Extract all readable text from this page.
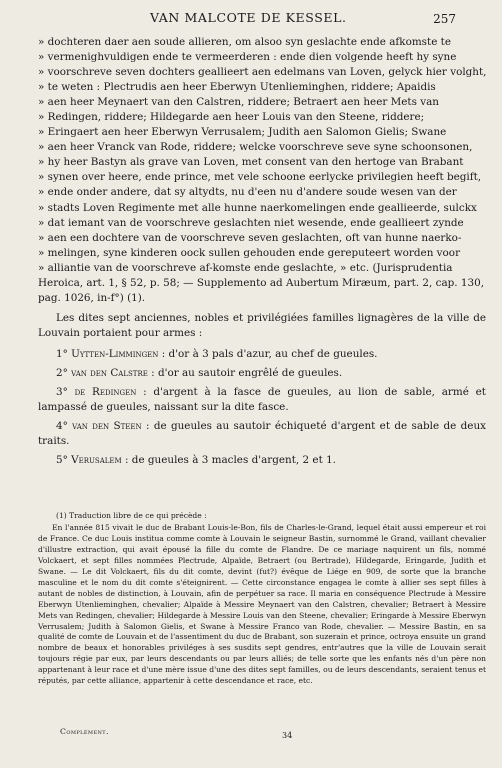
VAN MALCOTE DE KESSEL.	257

» dochteren daer aen soude allieren, om alsoo syn geslachte ende afkomste te

» vermenighvuldigen ende te vermeerderen : ende dien volgende heeft hy syne

» voorschreve seven dochters geallieert aen edelmans van Loven, gelyck hier volght,

» te weten : Plectrudis aen heer Eberwyn Utenlieminghen, riddere; Apaidis

» aen heer Meynaert van den Calstren, riddere; Betraert aen heer Mets van

» Redingen, riddere; Hildegarde aen heer Louis van den Steene, riddere;

» Eringaert aen heer Eberwyn Verrusalem; Judith aen Salomon Gielis; Swane

» aen heer Vranck van Rode, riddere; welcke voorschreve seve syne schoonsonen,

» hy heer Bastyn als grave van Loven, met consent van den hertoge van Brabant

» synen over heere, ende prince, met vele schoone eerlycke privilegien heeft begift,

» ende onder andere, dat sy altydts, nu d'een nu d'andere soude wesen van der

» stadts Loven Regimente met alle hunne naerkomelingen ende geallieerde, sulckx

» dat iemant van de voorschreve geslachten niet wesende, ende geallieert zynde

» aen een dochtere van de voorschreve seven geslachten, oft van hunne naerko-

» melingen, syne kinderen oock sullen gehouden ende gereputeert worden voor

» alliantie van de voorschreve af-komste ende geslachte, » etc. (Jurisprudentia

Heroica, art. 1, § 52, p. 58; — Supplemento ad Aubertum Miræum, part. 2, cap. 130,

pag. 1026, in-f°) (1).

Les dites sept anciennes, nobles et privilégiées familles lignagères de la ville de Louvain portaient pour armes :

1° Uytten-Limmingen : d'or à 3 pals d'azur, au chef de gueules.

2° van den Calstre : d'or au sautoir engrêlé de gueules.

3° de Redingen : d'argent à la fasce de gueules, au lion de sable, armé et lampassé de gueules, naissant sur la dite fasce.

4° van den Steen : de gueules au sautoir échiqueté d'argent et de sable de deux traits.

5° Verusalem : de gueules à 3 macles d'argent, 2 et 1.

(1) Traduction libre de ce qui précède :

En l'année 815 vivait le duc de Brabant Louis-le-Bon, fils de Charles-le-Grand, lequel était aussi empereur et roi de France. Ce duc Louis institua comme comte à Louvain le seigneur Bastin, surnommé le Grand, vaillant chevalier d'illustre extraction, qui avait épousé la fille du comte de Flandre. De ce mariage naquirent un fils, nommé Volckaert, et sept filles nommées Plectrude, Alpaïde, Betraert (ou Bertrade), Hildegarde, Eringarde, Judith et Swane. — Le dit Volckaert, fils du dit comte, devint (fut?) évêque de Liége en 909, de sorte que la branche masculine et le nom du dit comte s'éteignirent. — Cette circonstance engagea le comte à allier ses sept filles à autant de nobles de distinction, à Louvain, afin de perpétuer sa race. Il maria en conséquence Plectrude à Messire Eberwyn Utenlieminghen, chevalier; Alpaïde à Messire Meynaert van den Calstren, chevalier; Betraert à Messire Mets van Redingen, chevalier; Hildegarde à Messire Louis van den Steene, chevalier; Eringarde à Messire Eberwyn Verrusalem; Judith à Salomon Gielis, et Swane à Messire Franco van Rode, chevalier. — Messire Bastin, en sa qualité de comte de Louvain et de l'assentiment du duc de Brabant, son suzerain et prince, octroya ensuite un grand nombre de beaux et honorables priviléges à ses susdits sept gendres, entr'autres que la ville de Louvain serait toujours régie par eux, par leurs descendants ou par leurs alliés; de telle sorte que les enfants nés d'un père non appartenant à leur race et d'une mère issue d'une des dites sept familles, ou de leurs descendants, seraient tenus et réputés, par cette alliance, appartenir à cette descendance et race, etc.

Complément.	34
